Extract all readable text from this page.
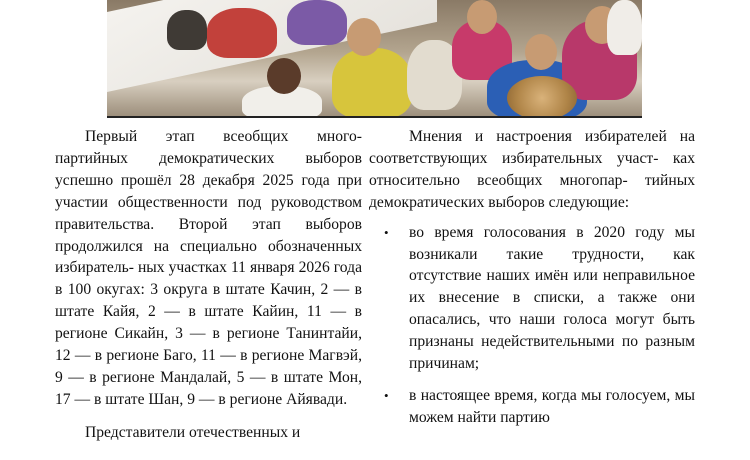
Первый этап всеобщих много- партийных демократических выборов успешно прошёл 28 декабря 2025 года при участии общественности под руководством правительства. Второй этап выборов продолжился на специально обозначенных избиратель- ных участках 11 января 2026 года в 100 окугах: 3 округа в штате Качин, 2 — в штате Кайя, 2 — в штате Кайин, 11 — в регионе Сикайн, 3 — в регионе Танинтайи, 12 — в регионе Баго, 11 — в регионе Магвэй, 9 — в регионе Мандалай, 5 — в штате Мон, 17 — в штате Шан, 9 — в регионе Айявади.

Представители отечественных и

Мнения и настроения избирателей на соответствующих избирательных участ- ках относительно всеобщих многопар- тийных демократических выборов следующие:

• во время голосования в 2020 году мы возникали такие трудности, как отсутствие наших имён или неправильное их внесение в списки, а также они опасались, что наши голоса могут быть признаны недействительными по разным причинам;
• в настоящее время, когда мы голосуем, мы можем найти партию
